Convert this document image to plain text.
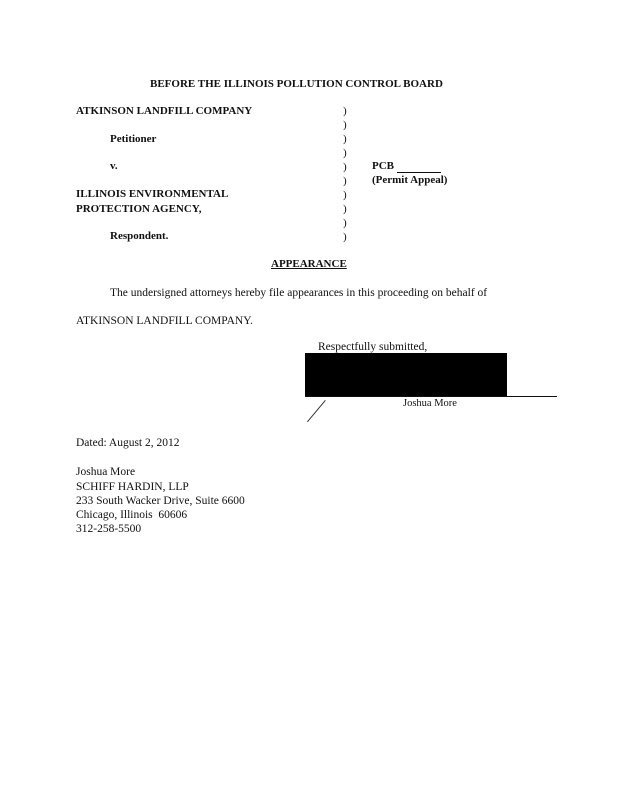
BEFORE THE ILLINOIS POLLUTION CONTROL BOARD
ATKINSON LANDFILL COMPANY
Petitioner
v.
ILLINOIS ENVIRONMENTAL
PROTECTION AGENCY,
Respondent.
)
)
)
)
)
)
)
)
)
)
PCB
(Permit Appeal)
APPEARANCE
The undersigned attorneys hereby file appearances in this proceeding on behalf of
ATKINSON LANDFILL COMPANY.
Respectfully submitted,
Joshua More
Dated: August 2, 2012
Joshua More
SCHIFF HARDIN, LLP
233 South Wacker Drive, Suite 6600
Chicago, Illinois  60606
312-258-5500
